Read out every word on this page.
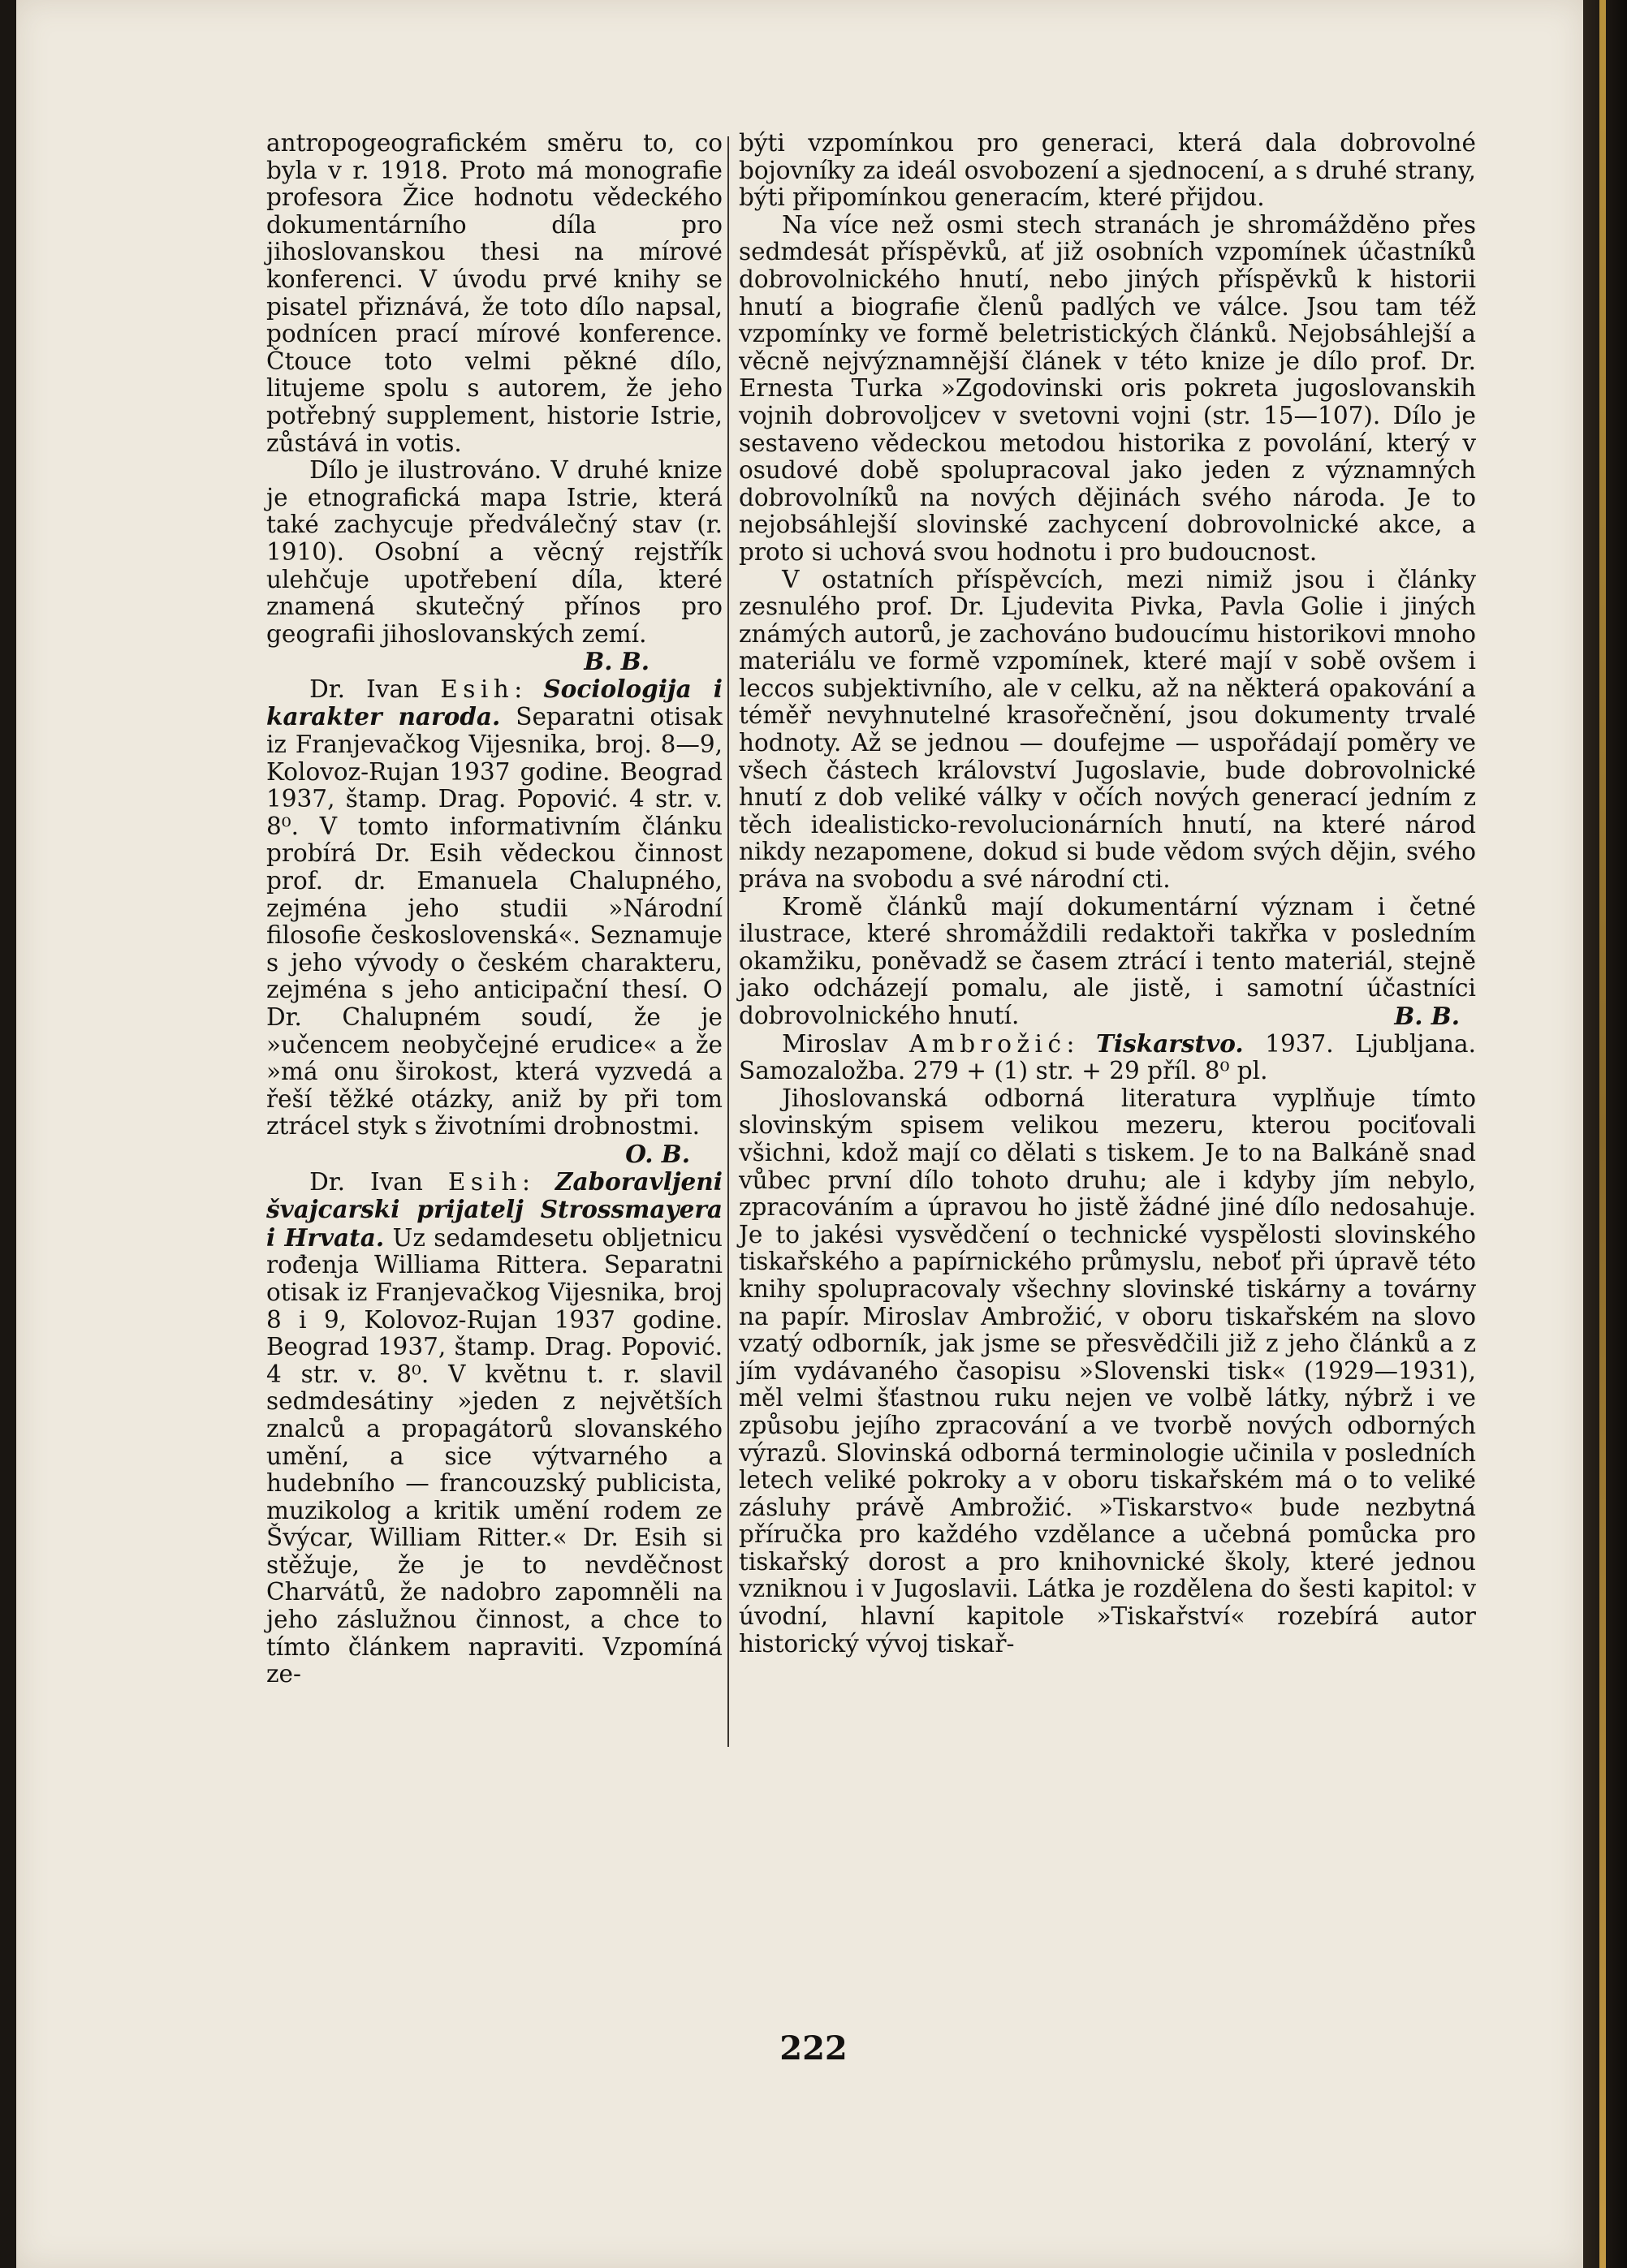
antropogeografickém směru to, co byla v r. 1918. Proto má monografie profesora Žice hodnotu vědeckého dokumentárního díla pro jihoslovanskou thesi na mírové konferenci. V úvodu prvé knihy se pisatel přiznává, že toto dílo napsal, podnícen prací mírové konference. Čtouce toto velmi pěkné dílo, litujeme spolu s autorem, že jeho potřebný supplement, historie Istrie, zůstává in votis.

Dílo je ilustrováno. V druhé knize je etnografická mapa Istrie, která také zachycuje předválečný stav (r. 1910). Osobní a věcný rejstřík ulehčuje upotřebení díla, které znamená skutečný přínos pro geografii jihoslovanských zemí.

B. B.

Dr. Ivan Esih: Sociologija i karakter naroda. Separatni otisak iz Franjevačkog Vijesnika, broj. 8—9, Kolovoz-Rujan 1937 godine. Beograd 1937, štamp. Drag. Popović. 4 str. v. 8⁰. V tomto informativním článku probírá Dr. Esih vědeckou činnost prof. dr. Emanuela Chalupného, zejména jeho studii »Národní filosofie československá«. Seznamuje s jeho vývody o českém charakteru, zejména s jeho anticipační thesí. O Dr. Chalupném soudí, že je »učencem neobyčejné erudice« a že »má onu širokost, která vyzvedá a řeší těžké otázky, aniž by při tom ztrácel styk s životními drobnostmi.
O. B.

Dr. Ivan Esih: Zaboravljeni švajcarski prijatelj Strossmayera i Hrvata. Uz sedamdesetu obljetnicu rođenja Williama Rittera. Separatni otisak iz Franjevačkog Vijesnika, broj 8 i 9, Kolovoz-Rujan 1937 godine. Beograd 1937, štamp. Drag. Popović. 4 str. v. 8⁰. V květnu t. r. slavil sedmdesátiny »jeden z největších znalců a propagátorů slovanského umění, a sice výtvarného a hudebního — francouzský publicista, muzikolog a kritik umění rodem ze Švýcar, William Ritter.« Dr. Esih si stěžuje, že je to nevděčnost Charvátů, že nadobro zapomněli na jeho záslužnou činnost, a chce to tímto článkem napraviti. Vzpomíná ze-

býti vzpomínkou pro generaci, která dala dobrovolné bojovníky za ideál osvobození a sjednocení, a s druhé strany, býti připomínkou generacím, které přijdou.

Na více než osmi stech stranách je shromážděno přes sedmdesát příspěvků, ať již osobních vzpomínek účastníků dobrovolnického hnutí, nebo jiných příspěvků k historii hnutí a biografie členů padlých ve válce. Jsou tam též vzpomínky ve formě beletristických článků. Nejobsáhlejší a věcně nejvýznamnější článek v této knize je dílo prof. Dr. Ernesta Turka »Zgodovinski oris pokreta jugoslovanskih vojnih dobrovoljcev v svetovni vojni (str. 15—107). Dílo je sestaveno vědeckou metodou historika z povolání, který v osudové době spolupracoval jako jeden z významných dobrovolníků na nových dějinách svého národa. Je to nejobsáhlejší slovinské zachycení dobrovolnické akce, a proto si uchová svou hodnotu i pro budoucnost.

V ostatních příspěvcích, mezi nimiž jsou i články zesnulého prof. Dr. Ljudevita Pivka, Pavla Golie i jiných známých autorů, je zachováno budoucímu historikovi mnoho materiálu ve formě vzpomínek, které mají v sobě ovšem i leccos subjektivního, ale v celku, až na některá opakování a téměř nevyhnutelné krasořečnění, jsou dokumenty trvalé hodnoty. Až se jednou — doufejme — uspořádají poměry ve všech částech království Jugoslavie, bude dobrovolnické hnutí z dob veliké války v očích nových generací jedním z těch idealisticko-revolucionárních hnutí, na které národ nikdy nezapomene, dokud si bude vědom svých dějin, svého práva na svobodu a své národní cti.

Kromě článků mají dokumentární význam i četné ilustrace, které shromáždili redaktoři takřka v posledním okamžiku, poněvadž se časem ztrácí i tento materiál, stejně jako odcházejí pomalu, ale jistě, i samotní účastníci dobrovolnického hnutí.	B. B.

Miroslav Ambrožić: Tiskarstvo. 1937. Ljubljana. Samozaložba. 279 + (1) str. + 29 příl. 8⁰ pl.

Jihoslovanská odborná literatura vyplňuje tímto slovinským spisem velikou mezeru, kterou pociťovali všichni, kdož mají co dělati s tiskem. Je to na Balkáně snad vůbec první dílo tohoto druhu; ale i kdyby jím nebylo, zpracováním a úpravou ho jistě žádné jiné dílo nedosahuje. Je to jakési vysvědčení o technické vyspělosti slovinského tiskařského a papírnického průmyslu, neboť při úpravě této knihy spolupracovaly všechny slovinské tiskárny a továrny na papír. Miroslav Ambrožić, v oboru tiskařském na slovo vzatý odborník, jak jsme se přesvědčili již z jeho článků a z jím vydávaného časopisu »Slovenski tisk« (1929—1931), měl velmi šťastnou ruku nejen ve volbě látky, nýbrž i ve způsobu jejího zpracování a ve tvorbě nových odborných výrazů. Slovinská odborná terminologie učinila v posledních letech veliké pokroky a v oboru tiskařském má o to veliké zásluhy právě Ambrožić. »Tiskarstvo« bude nezbytná příručka pro každého vzdělance a učebná pomůcka pro tiskařský dorost a pro knihovnické školy, které jednou vzniknou i v Jugoslavii. Látka je rozdělena do šesti kapitol: v úvodní, hlavní kapitole »Tiskařství« rozebírá autor historický vývoj tiskař-

222
